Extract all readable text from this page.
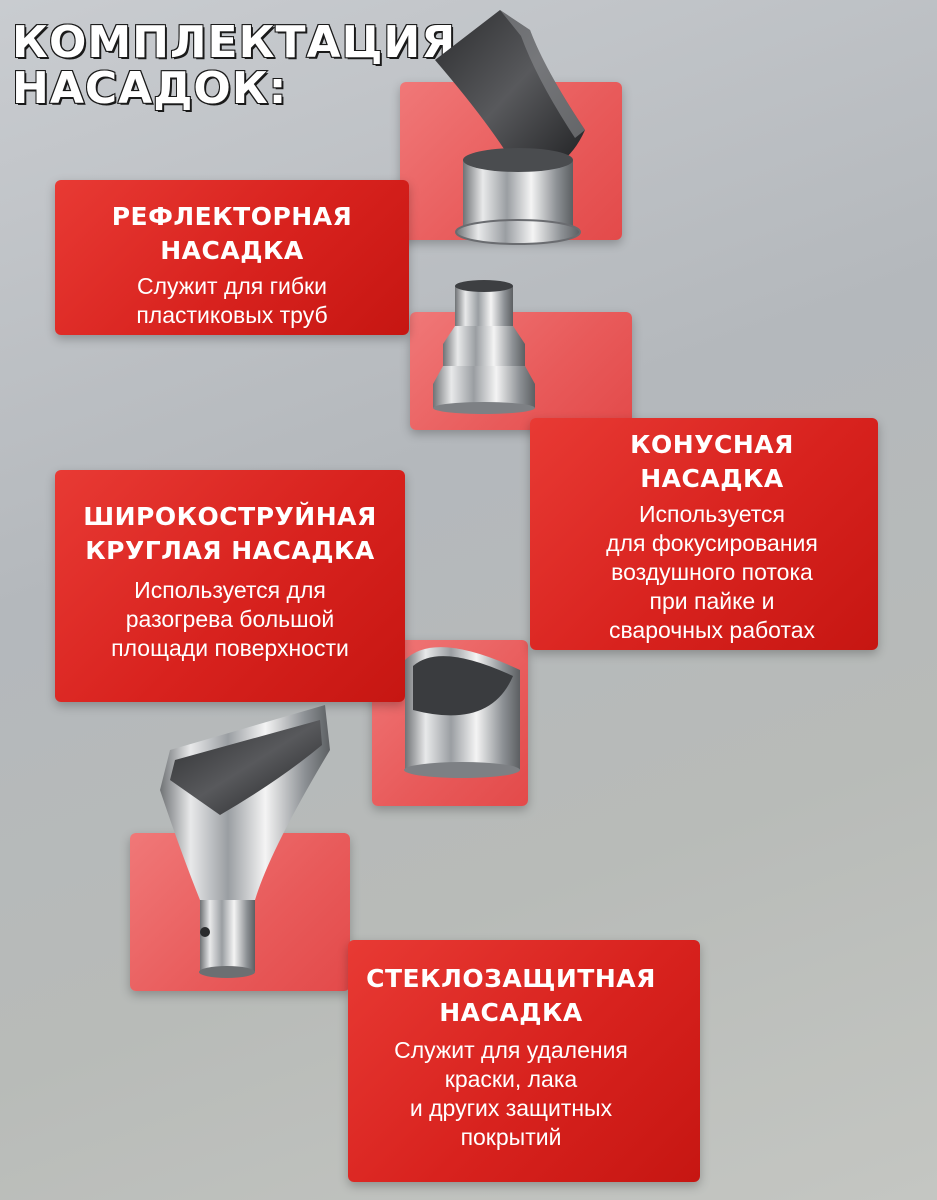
КОМПЛЕКТАЦИЯ
НАСАДОК:
РЕФЛЕКТОРНАЯ
НАСАДКА
Служит для гибки
пластиковых труб
КОНУСНАЯ
НАСАДКА
Используется
для фокусирования
воздушного потока
при пайке и
сварочных работах
ШИРОКОСТРУЙНАЯ
КРУГЛАЯ НАСАДКА
Используется для
разогрева большой
площади поверхности
СТЕКЛОЗАЩИТНАЯ
НАСАДКА
Служит для удаления
краски, лака
и других защитных
покрытий
